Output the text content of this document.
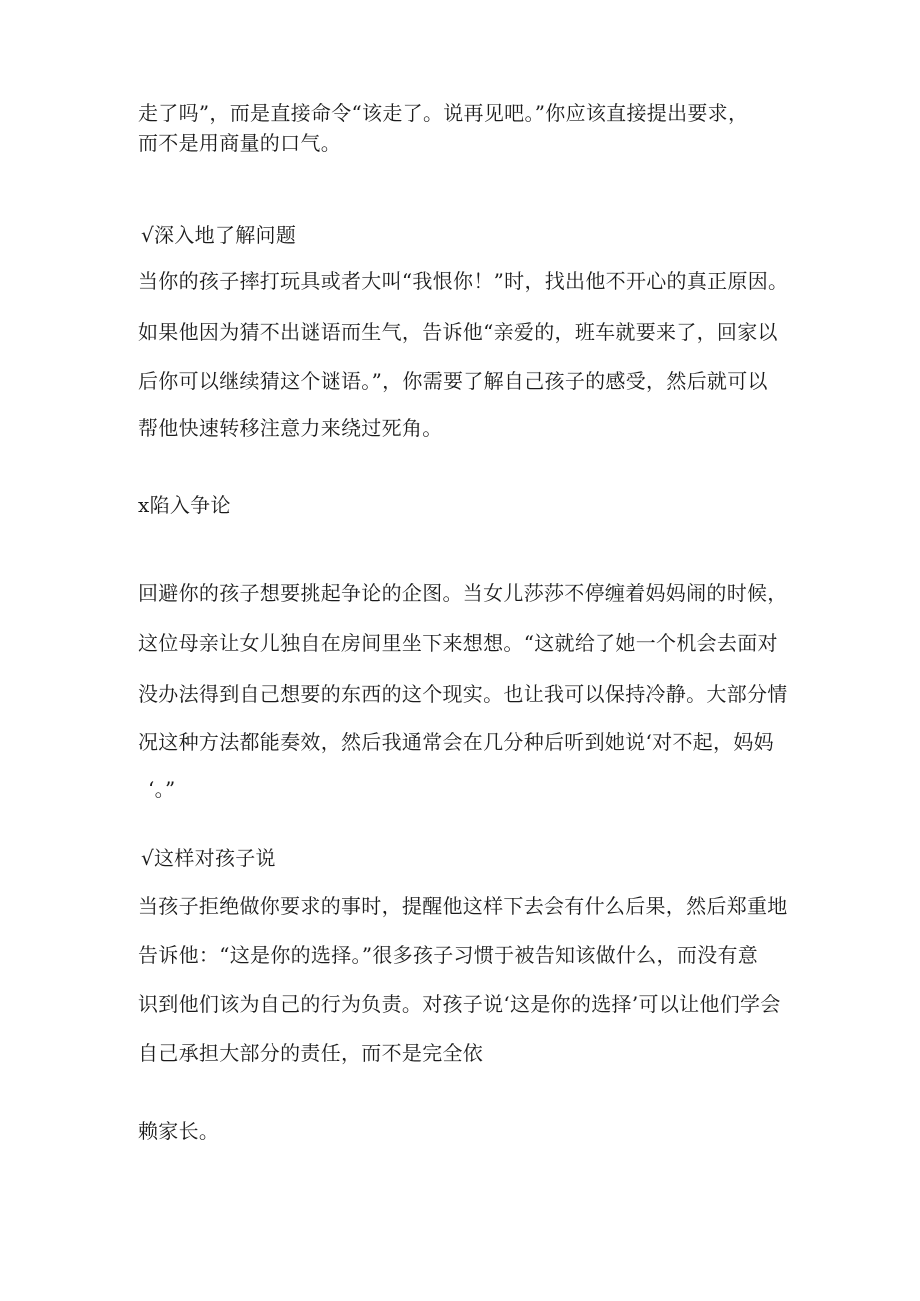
走了吗”，而是直接命令“该走了。说再见吧。”你应该直接提出要求，
而不是用商量的口气。
√深入地了解问题
当你的孩子摔打玩具或者大叫“我恨你！”时，找出他不开心的真正原因。
如果他因为猜不出谜语而生气，告诉他“亲爱的，班车就要来了，回家以
后你可以继续猜这个谜语。”，你需要了解自己孩子的感受，然后就可以
帮他快速转移注意力来绕过死角。
x陷入争论
回避你的孩子想要挑起争论的企图。当女儿莎莎不停缠着妈妈闹的时候，
这位母亲让女儿独自在房间里坐下来想想。“这就给了她一个机会去面对
没办法得到自己想要的东西的这个现实。也让我可以保持冷静。大部分情
况这种方法都能奏效，然后我通常会在几分种后听到她说‘对不起，妈妈
‘。”
√这样对孩子说
当孩子拒绝做你要求的事时，提醒他这样下去会有什么后果，然后郑重地
告诉他：“这是你的选择。”很多孩子习惯于被告知该做什么，而没有意
识到他们该为自己的行为负责。对孩子说‘这是你的选择’可以让他们学会
自己承担大部分的责任，而不是完全依
赖家长。
